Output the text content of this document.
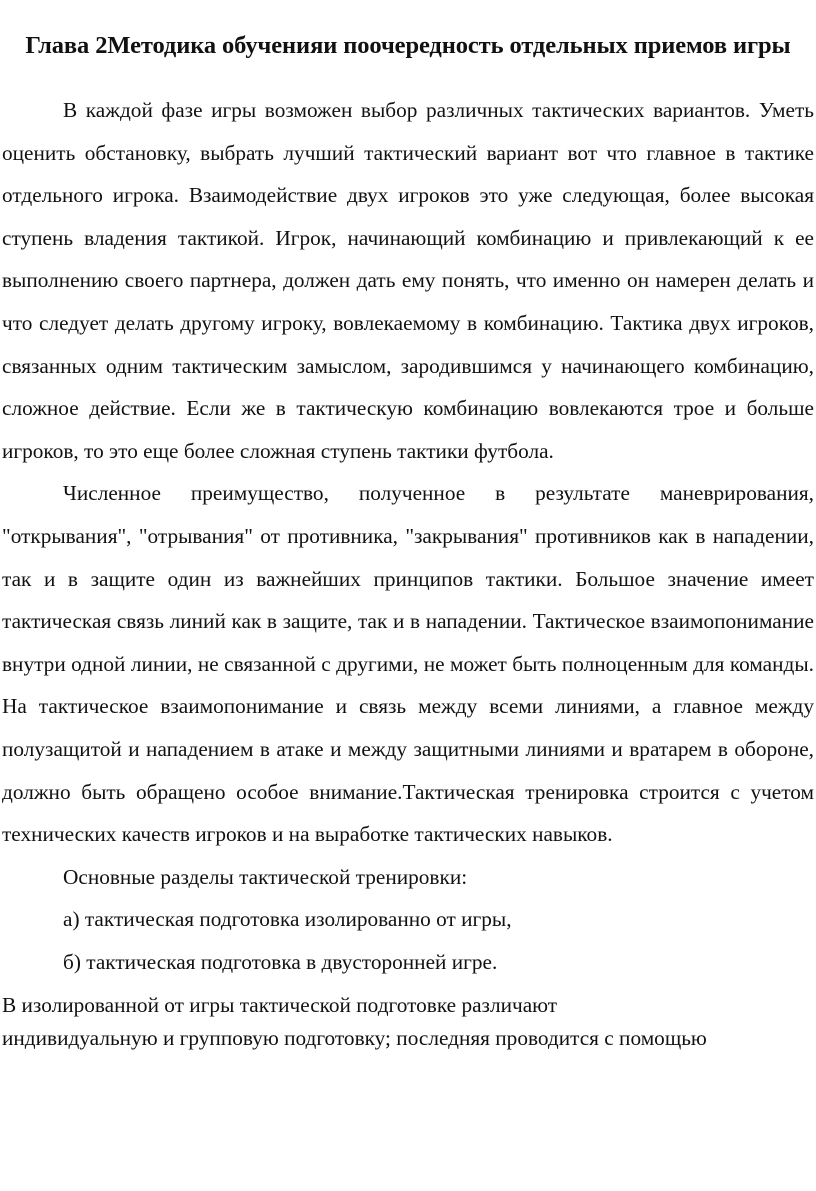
Глава 2Методика обученияи поочередность отдельных приемов игры

В каждой фазе игры возможен выбор различных тактических вариантов. Уметь оценить обстановку, выбрать лучший тактический вариант вот что главное в тактике отдельного игрока. Взаимодействие двух игроков это уже следующая, более высокая ступень владения тактикой. Игрок, начинающий комбинацию и привлекающий к ее выполнению своего партнера, должен дать ему понять, что именно он намерен делать и что следует делать другому игроку, вовлекаемому в комбинацию. Тактика двух игроков, связанных одним тактическим замыслом, зародившимся у начинающего комбинацию, сложное действие. Если же в тактическую комбинацию вовлекаются трое и больше игроков, то это еще более сложная ступень тактики футбола.

Численное преимущество, полученное в результате маневрирования, "открывания", "отрывания" от противника, "закрывания" противников как в нападении, так и в защите один из важнейших принципов тактики. Большое значение имеет тактическая связь линий как в защите, так и в нападении. Тактическое взаимопонимание внутри одной линии, не связанной с другими, не может быть полноценным для команды. На тактическое взаимопонимание и связь между всеми линиями, а главное между полузащитой и нападением в атаке и между защитными линиями и вратарем в обороне, должно быть обращено особое внимание.Тактическая тренировка строится с учетом технических качеств игроков и на выработке тактических навыков.

Основные разделы тактической тренировки:

а) тактическая подготовка изолированно от игры,

б) тактическая подготовка в двусторонней игре.

В изолированной от игры тактической подготовке различают

индивидуальную и групповую подготовку; последняя проводится с помощью
